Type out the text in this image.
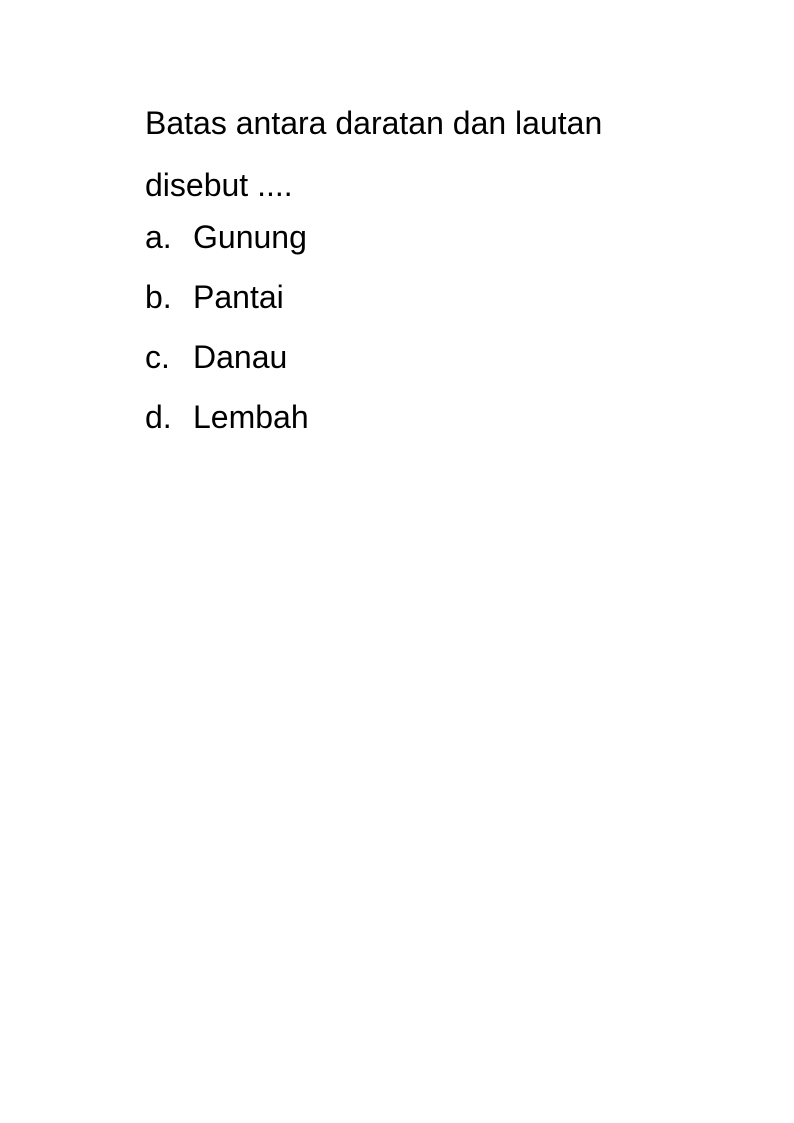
Batas antara daratan dan lautan
disebut ....

a. Gunung
b. Pantai
c. Danau
d. Lembah
